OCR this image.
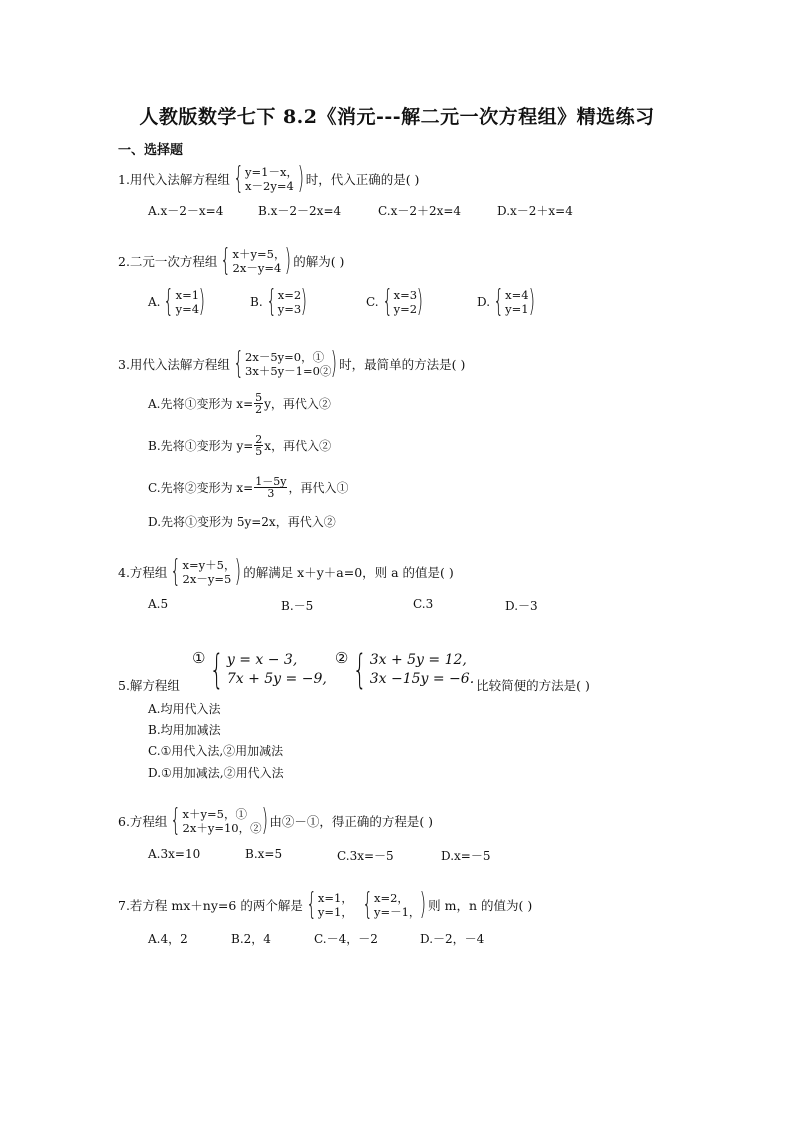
人教版数学七下 8.2《消元---解二元一次方程组》精选练习
一、选择题
1.用代入法解方程组 { y=1－x，
x－2y=4 ) 时，代入正确的是( )
A.x－2－x=4	B.x－2－2x=4	C.x－2＋2x=4	D.x－2＋x=4
2.二元一次方程组 { x＋y=5，
2x－y=4 ) 的解为( )
A. { x=1
y=4 )	B. { x=2
y=3 )	C. { x=3
y=2 )	D. { x=4
y=1 )
3.用代入法解方程组 { 2x－5y=0，①
3x＋5y－1=0② ) 时，最简单的方法是( )
A.先将①变形为 $x= \frac{5}{2}$ y，再代入②
B.先将①变形为 $y= \frac{2}{5}$ x，再代入②
C.先将②变形为 $x= \frac{1-5y}{3}$ ，再代入①
D.先将①变形为 5y=2x，再代入②
4.方程组 { x=y＋5，
2x－y=5 ) 的解满足 x＋y＋a=0，则 a 的值是( )
A.5	B.－5	C.3	D.－3
5.解方程组
① { y = x − 3,
7x + 5y = −9,
② { 3x + 5y = 12,
3x −15y = −6. 比较简便的方法是( )
A.均用代入法
B.均用加减法
C.①用代入法,②用加减法
D.①用加减法,②用代入法
6.方程组 { x＋y=5，①
2x＋y=10，② ) 由②－①，得正确的方程是( )
A.3x=10	B.x=5	C.3x=－5	D.x=－5
7.若方程 mx＋ny=6 的两个解是 { x=1，
y=1， { x=2，
y=－1， ) 则 m，n 的值为( )
A.4，2	B.2，4	C.－4，－2	D.－2，－4
